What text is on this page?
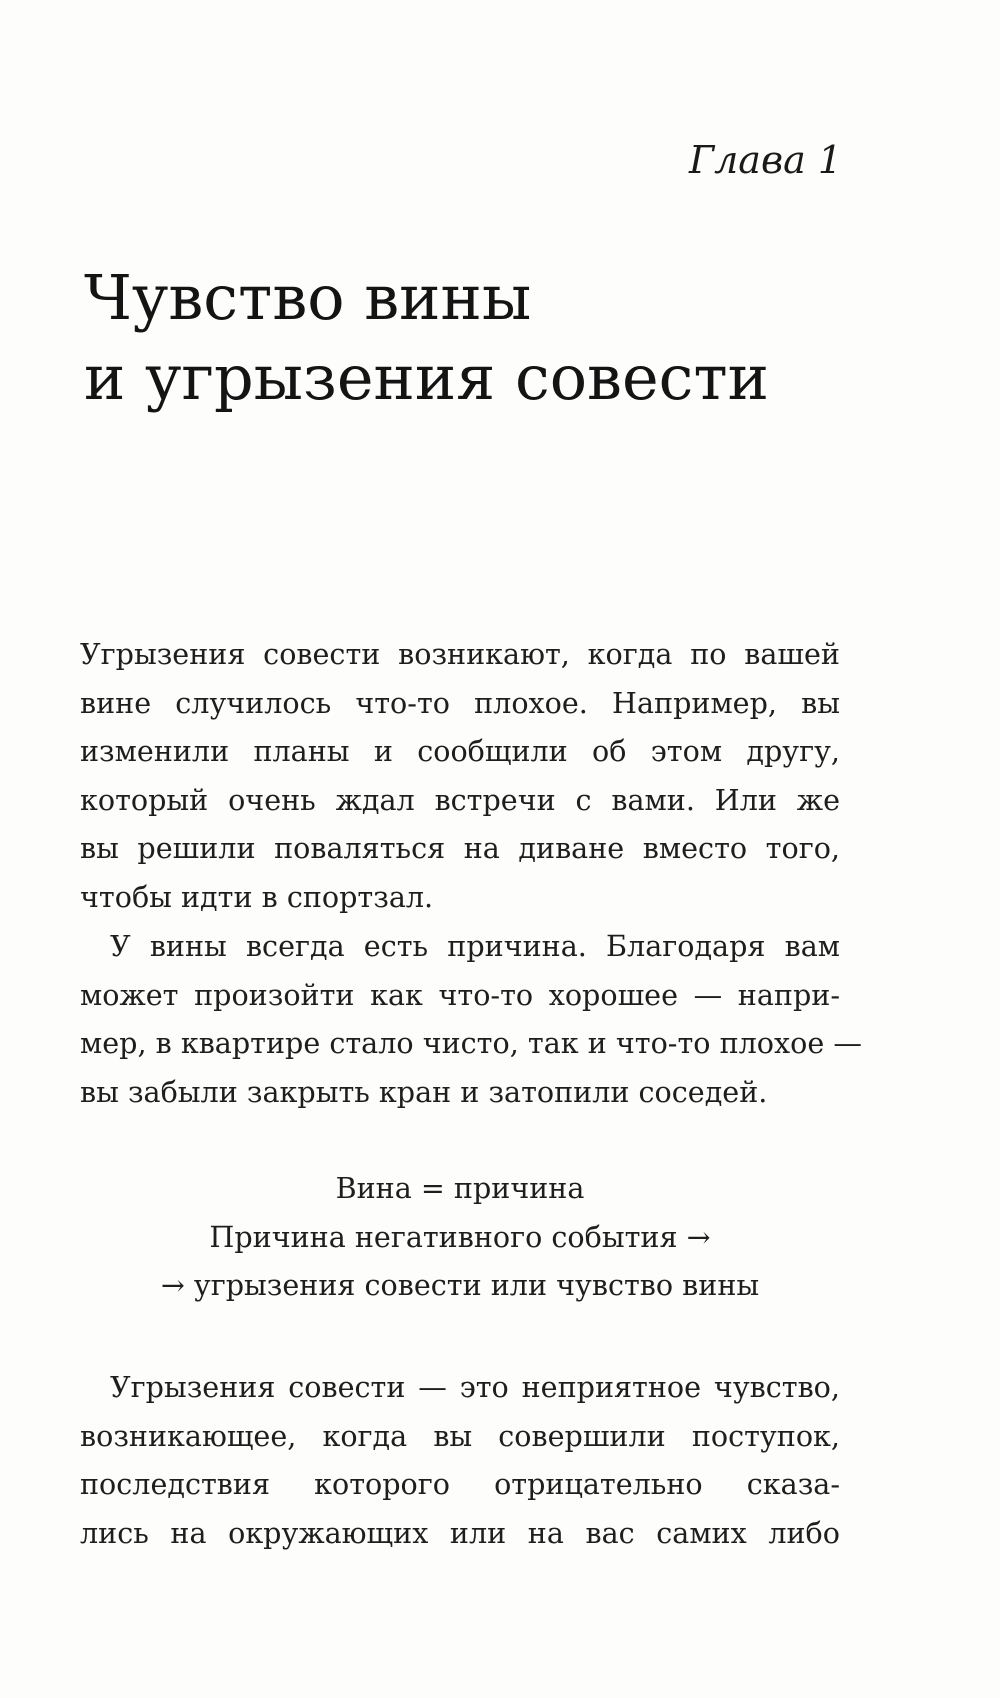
Глава 1
Чувство вины
и угрызения совести
Угрызения совести возникают, когда по вашей
вине случилось что-то плохое. Например, вы
изменили планы и сообщили об этом другу,
который очень ждал встречи с вами. Или же
вы решили поваляться на диване вместо того,
чтобы идти в спортзал.
У вины всегда есть причина. Благодаря вам
может произойти как что-то хорошее — напри-
мер, в квартире стало чисто, так и что-то плохое —
вы забыли закрыть кран и затопили соседей.
Вина = причина
Причина негативного события →
→ угрызения совести или чувство вины
Угрызения совести — это неприятное чувство,
возникающее, когда вы совершили поступок,
последствия которого отрицательно сказа-
лись на окружающих или на вас самих либо
